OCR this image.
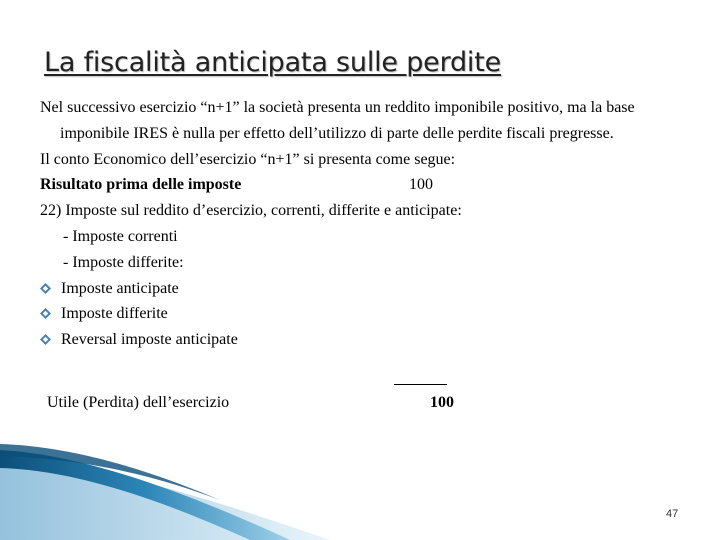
La fiscalità anticipata sulle perdite

Nel successivo esercizio “n+1” la società presenta un reddito imponibile positivo, ma la base imponibile IRES è nulla per effetto dell’utilizzo di parte delle perdite fiscali pregresse.

Il conto Economico dell’esercizio “n+1” si presenta come segue:

Risultato prima delle imposte	100

22) Imposte sul reddito d’esercizio, correnti, differite e anticipate:

- Imposte correnti

- Imposte differite:

Imposte anticipate

Imposte differite

Reversal imposte anticipate

Utile (Perdita) dell’esercizio	100
47
